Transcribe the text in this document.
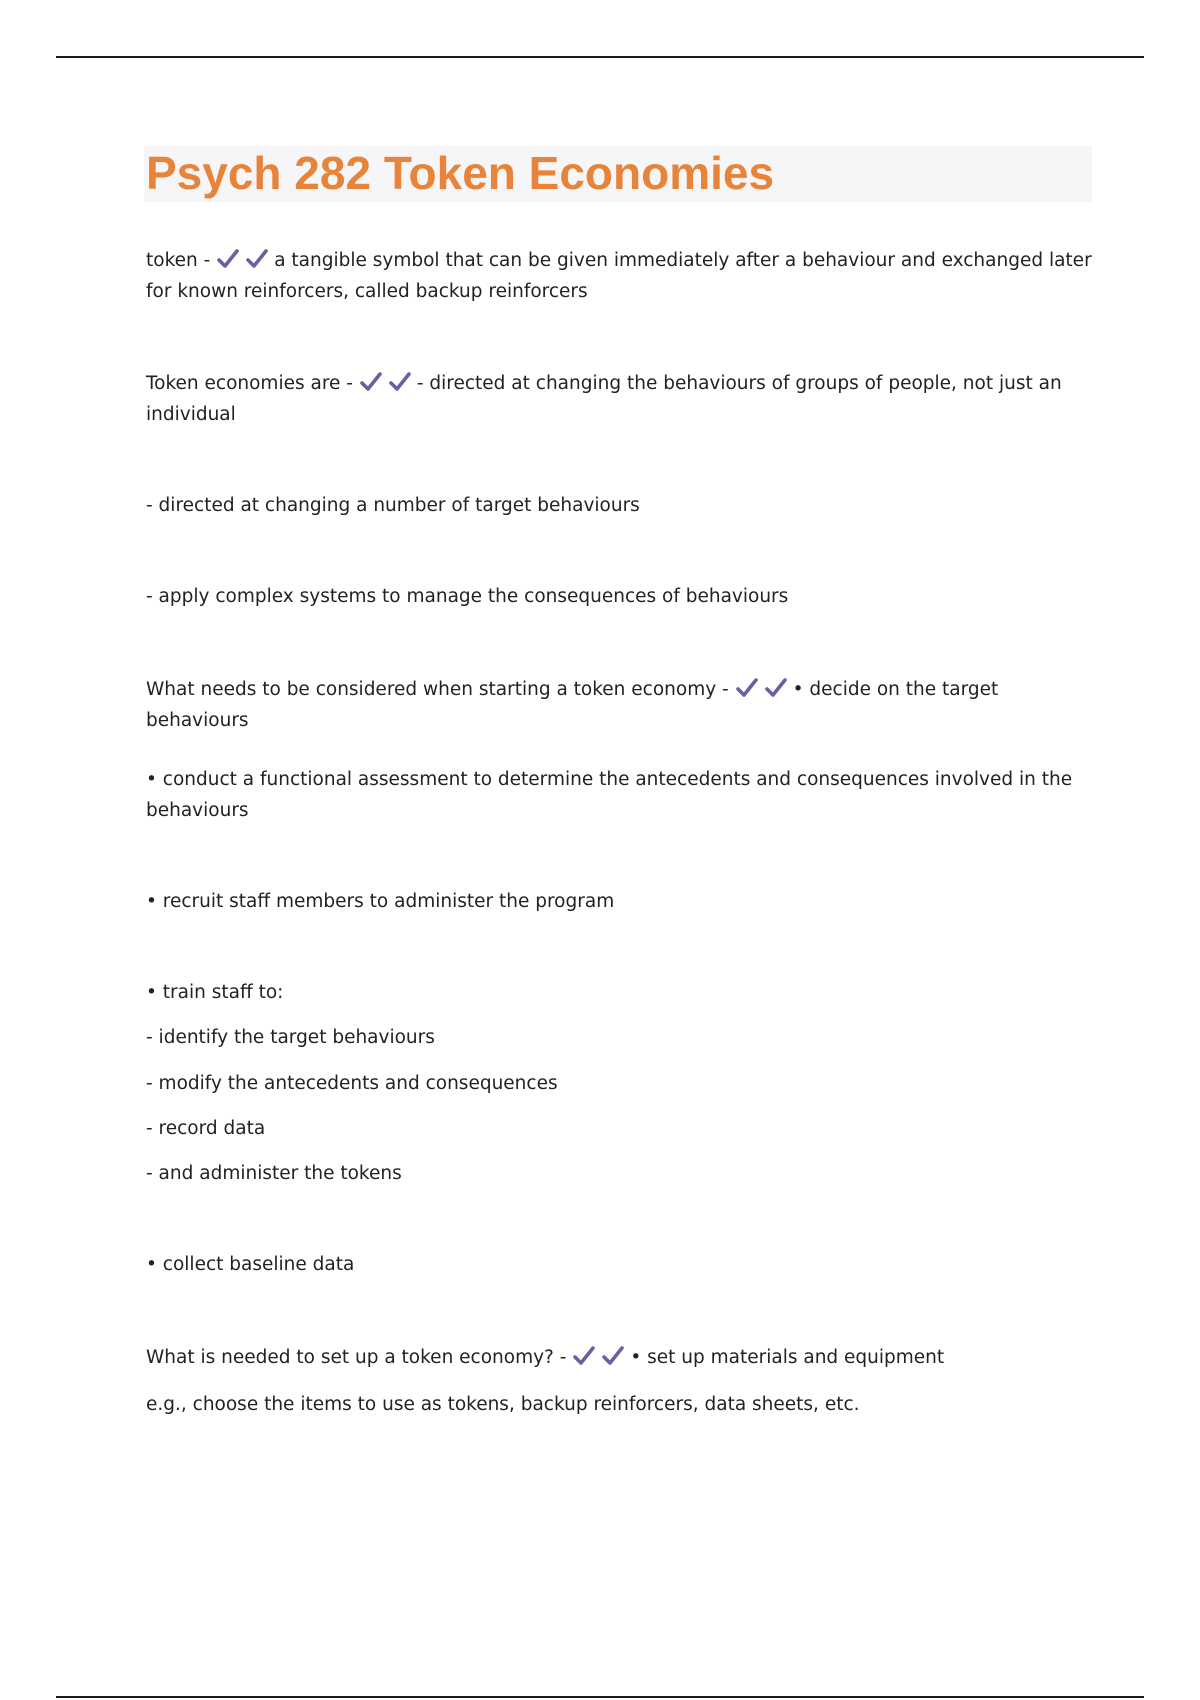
Psych 282 Token Economies

token -	a tangible symbol that can be given immediately after a behaviour and exchanged later for known reinforcers, called backup reinforcers

Token economies are -	- directed at changing the behaviours of groups of people, not just an individual

- directed at changing a number of target behaviours

- apply complex systems to manage the consequences of behaviours

What needs to be considered when starting a token economy -	• decide on the target behaviours

• conduct a functional assessment to determine the antecedents and consequences involved in the behaviours

• recruit staff members to administer the program

• train staff to:

- identify the target behaviours

- modify the antecedents and consequences

- record data

- and administer the tokens

• collect baseline data

What is needed to set up a token economy? -	• set up materials and equipment

e.g., choose the items to use as tokens, backup reinforcers, data sheets, etc.
